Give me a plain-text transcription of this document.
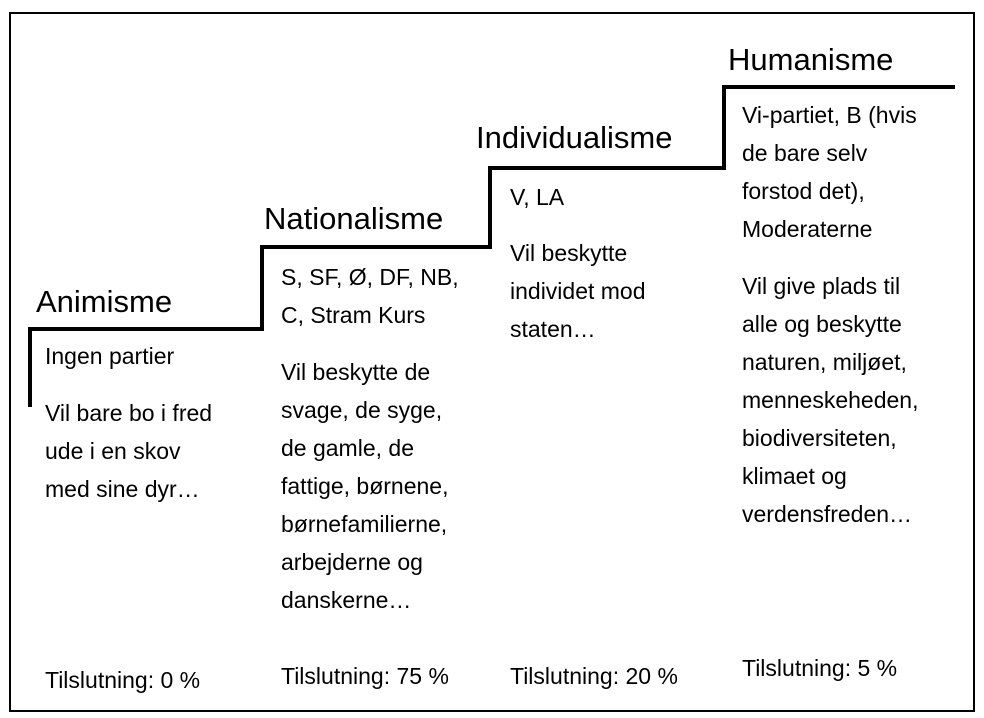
Animisme
Ingen partier
Vil bare bo i fred
ude i en skov
med sine dyr…
Tilslutning: 0 %
Nationalisme
S, SF, Ø, DF, NB,
C, Stram Kurs
Vil beskytte de
svage, de syge,
de gamle, de
fattige, børnene,
børnefamilierne,
arbejderne og
danskerne…
Tilslutning: 75 %
Individualisme
V, LA
Vil beskytte
individet mod
staten…
Tilslutning: 20 %
Humanisme
Vi-partiet, B (hvis
de bare selv
forstod det),
Moderaterne
Vil give plads til
alle og beskytte
naturen, miljøet,
menneskeheden,
biodiversiteten,
klimaet og
verdensfreden…
Tilslutning: 5 %
